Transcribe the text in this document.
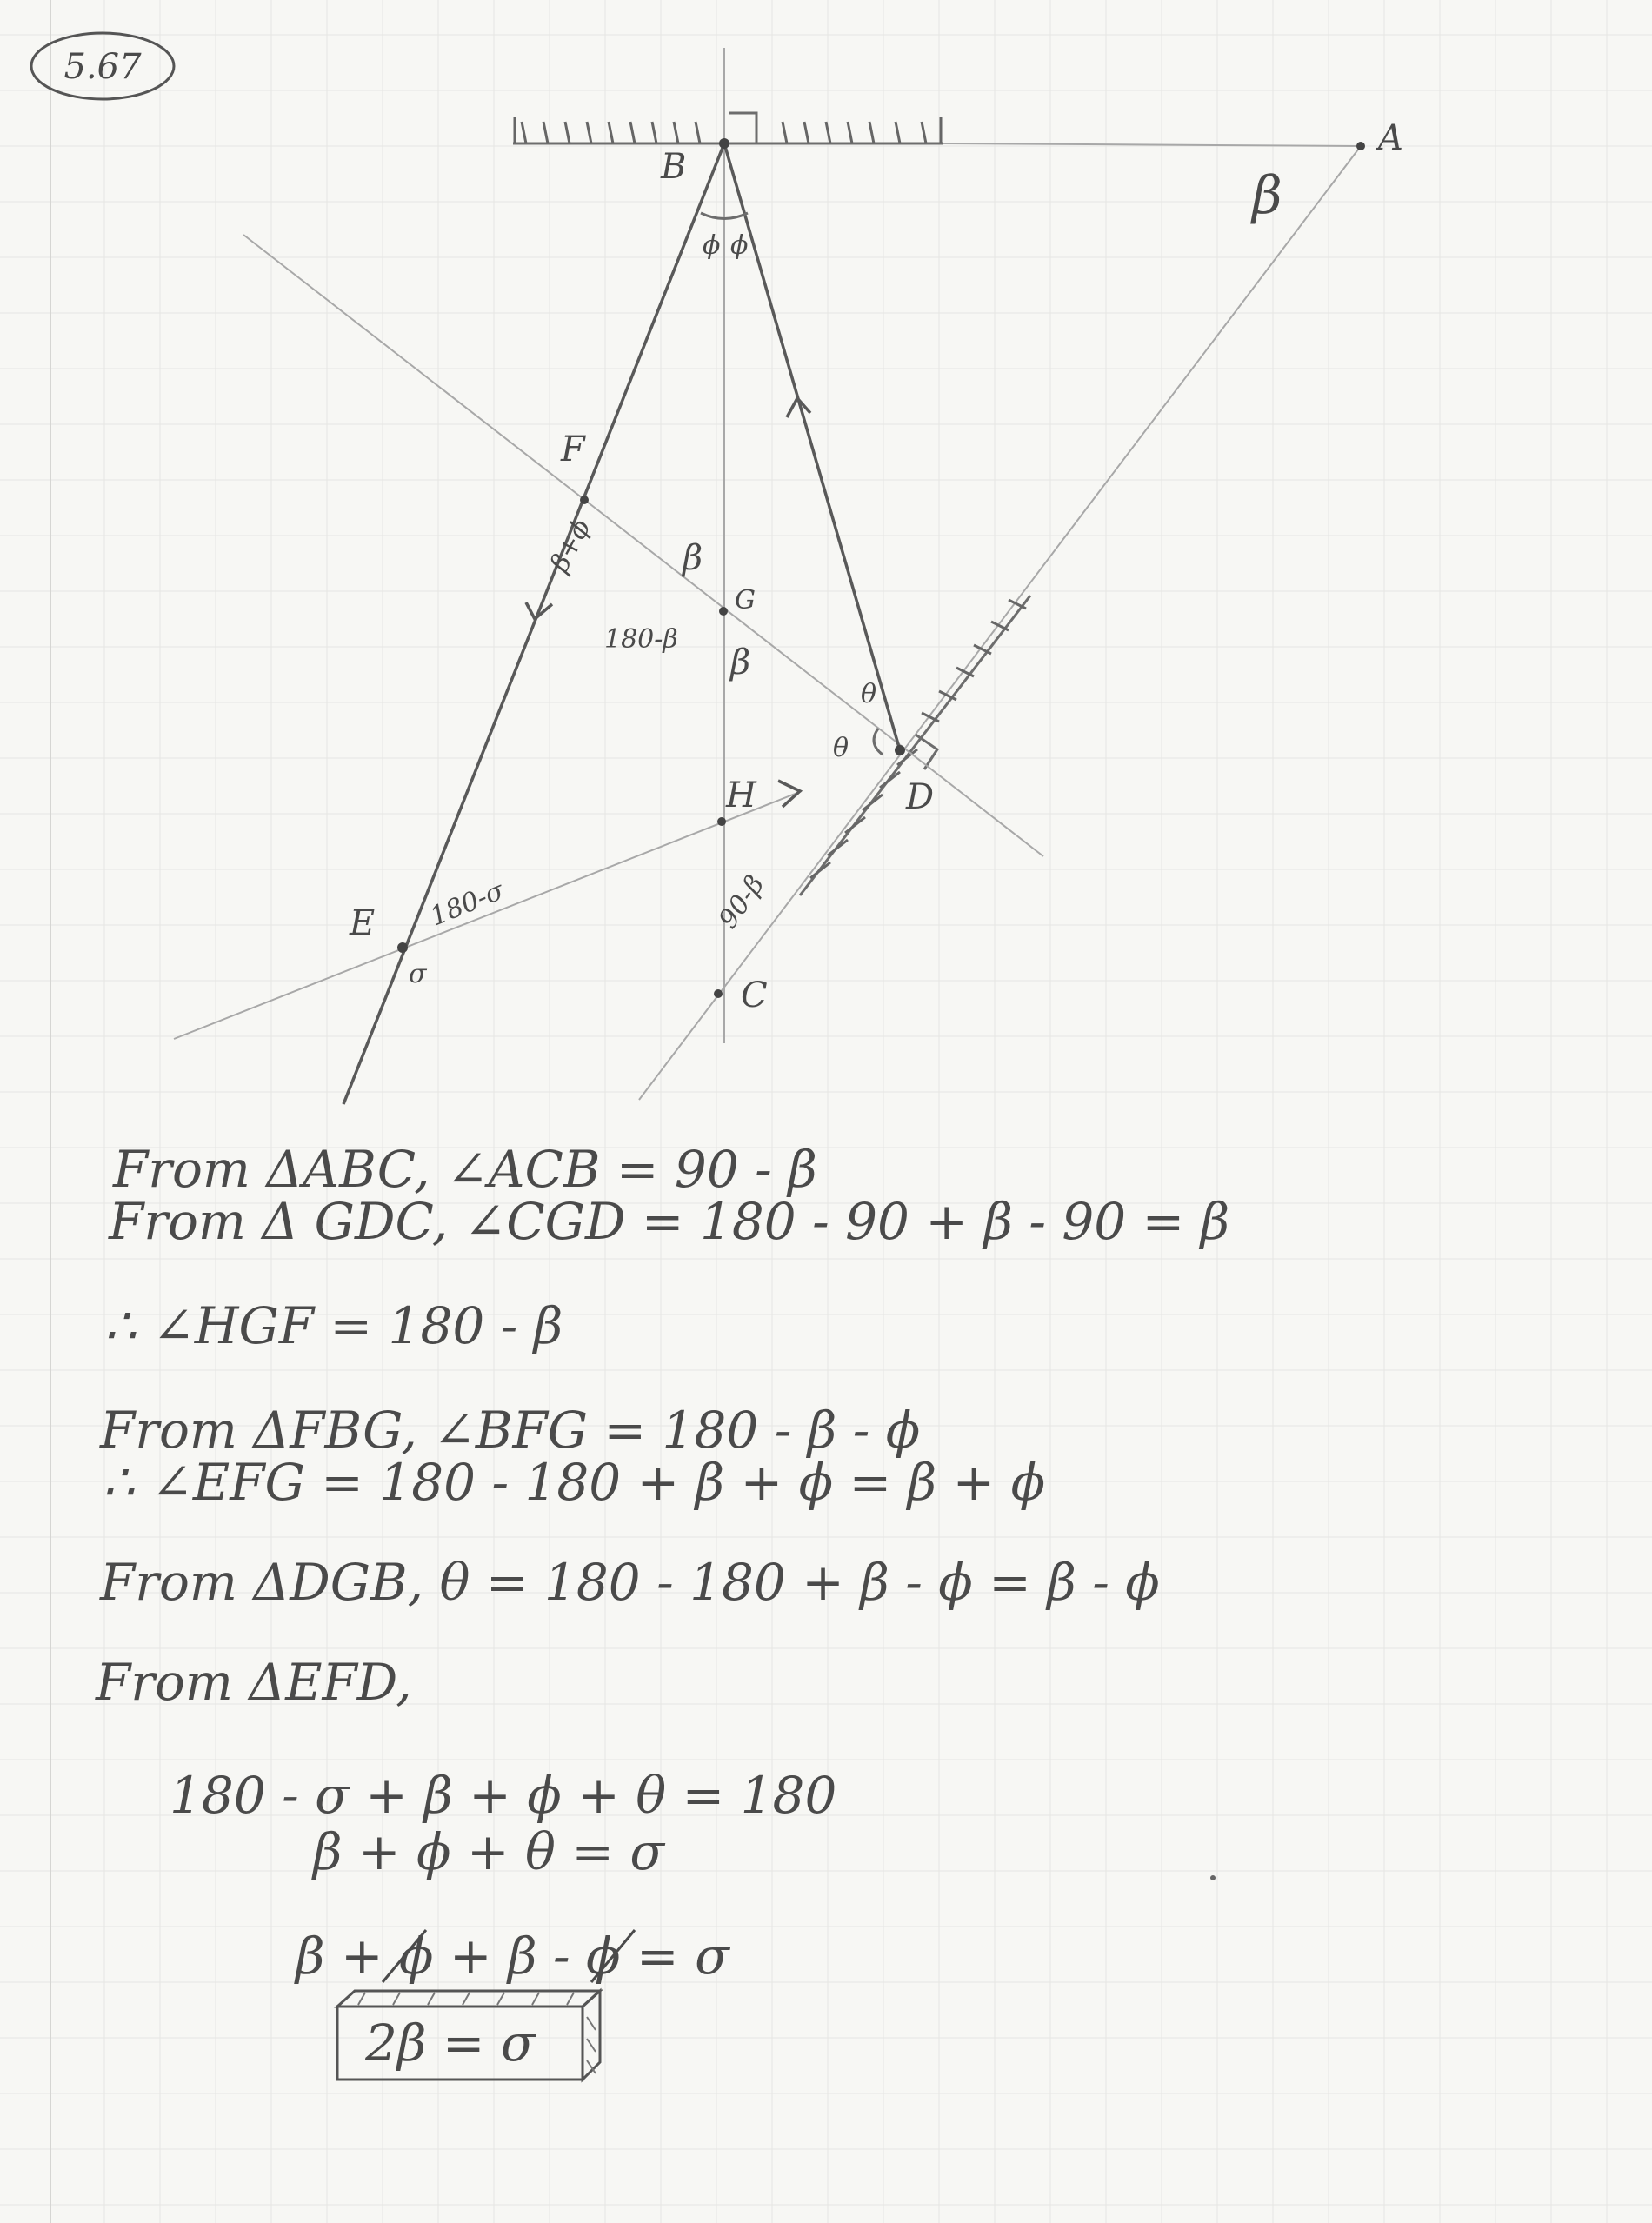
5.67
A
B
F
G
H	D
E
C
β
ϕ ϕ
β+ϕ β
180-β
β
θ
θ
180-σ
σ
90-β
From ΔABC, ∠ACB = 90 - β
From Δ GDC, ∠CGD = 180 - 90 + β - 90 = β
∴ ∠HGF = 180 - β
From ΔFBG, ∠BFG = 180 - β - ϕ
∴ ∠EFG = 180 - 180 + β + ϕ = β + ϕ
From ΔDGB, θ = 180 - 180 + β - ϕ = β - ϕ
From ΔEFD,
180 - σ + β + ϕ + θ = 180
β + ϕ + θ = σ
β + ϕ + β - ϕ = σ
2β = σ
